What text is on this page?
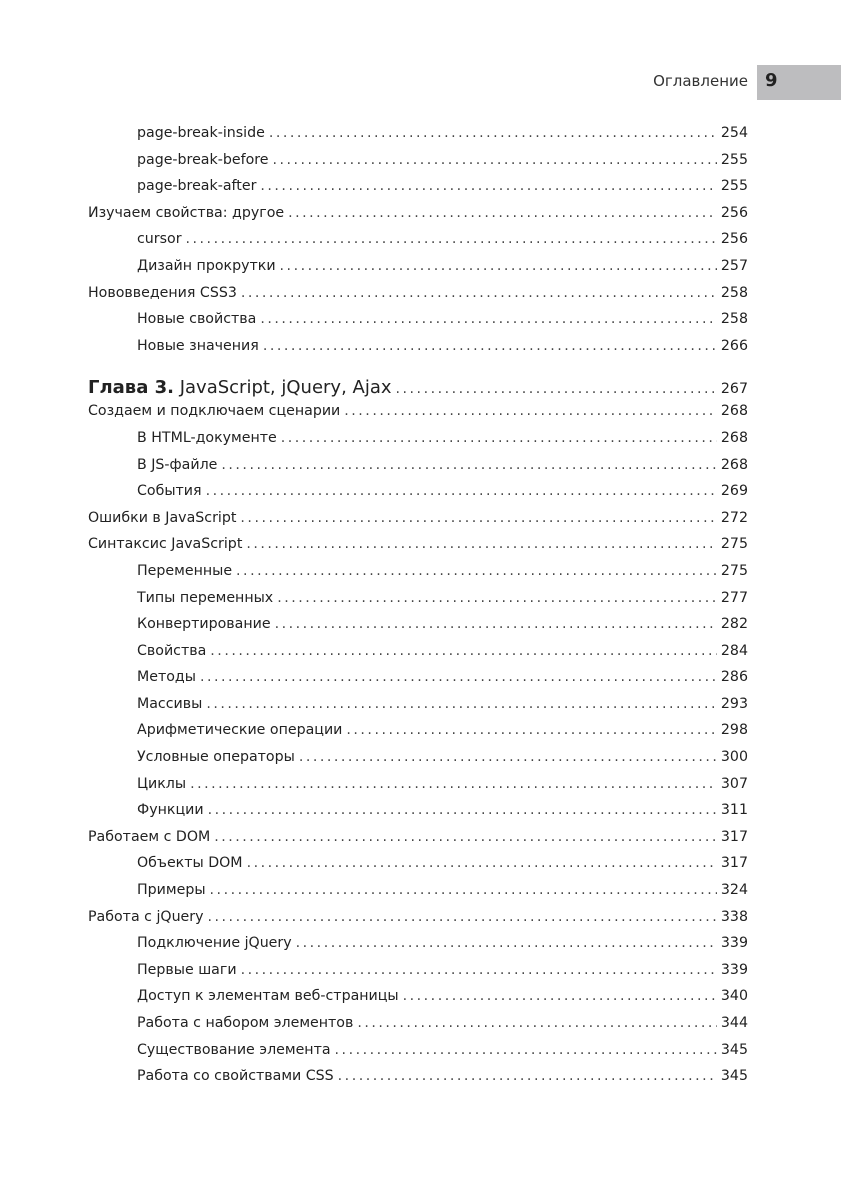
Оглавление 9
page-break-inside .....	254
page-break-before .....	255
page-break-after .....	255
Изучаем свойства: другое .....	256
cursor .....	256
Дизайн прокрутки .....	257
Нововведения CSS3 .....	258
Новые свойства .....	258
Новые значения .....	266
Глава 3. JavaScript, jQuery, Ajax .....	267
Создаем и подключаем сценарии .....	268
В HTML-документе .....	268
В JS-файле .....	268
События .....	269
Ошибки в JavaScript .....	272
Синтаксис JavaScript .....	275
Переменные .....	275
Типы переменных .....	277
Конвертирование .....	282
Свойства .....	284
Методы .....	286
Массивы .....	293
Арифметические операции .....	298
Условные операторы .....	300
Циклы .....	307
Функции .....	311
Работаем с DOM .....	317
Объекты DOM .....	317
Примеры .....	324
Работа с jQuery .....	338
Подключение jQuery .....	339
Первые шаги .....	339
Доступ к элементам веб-страницы .....	340
Работа с набором элементов .....	344
Существование элемента .....	345
Работа со свойствами CSS .....	345
